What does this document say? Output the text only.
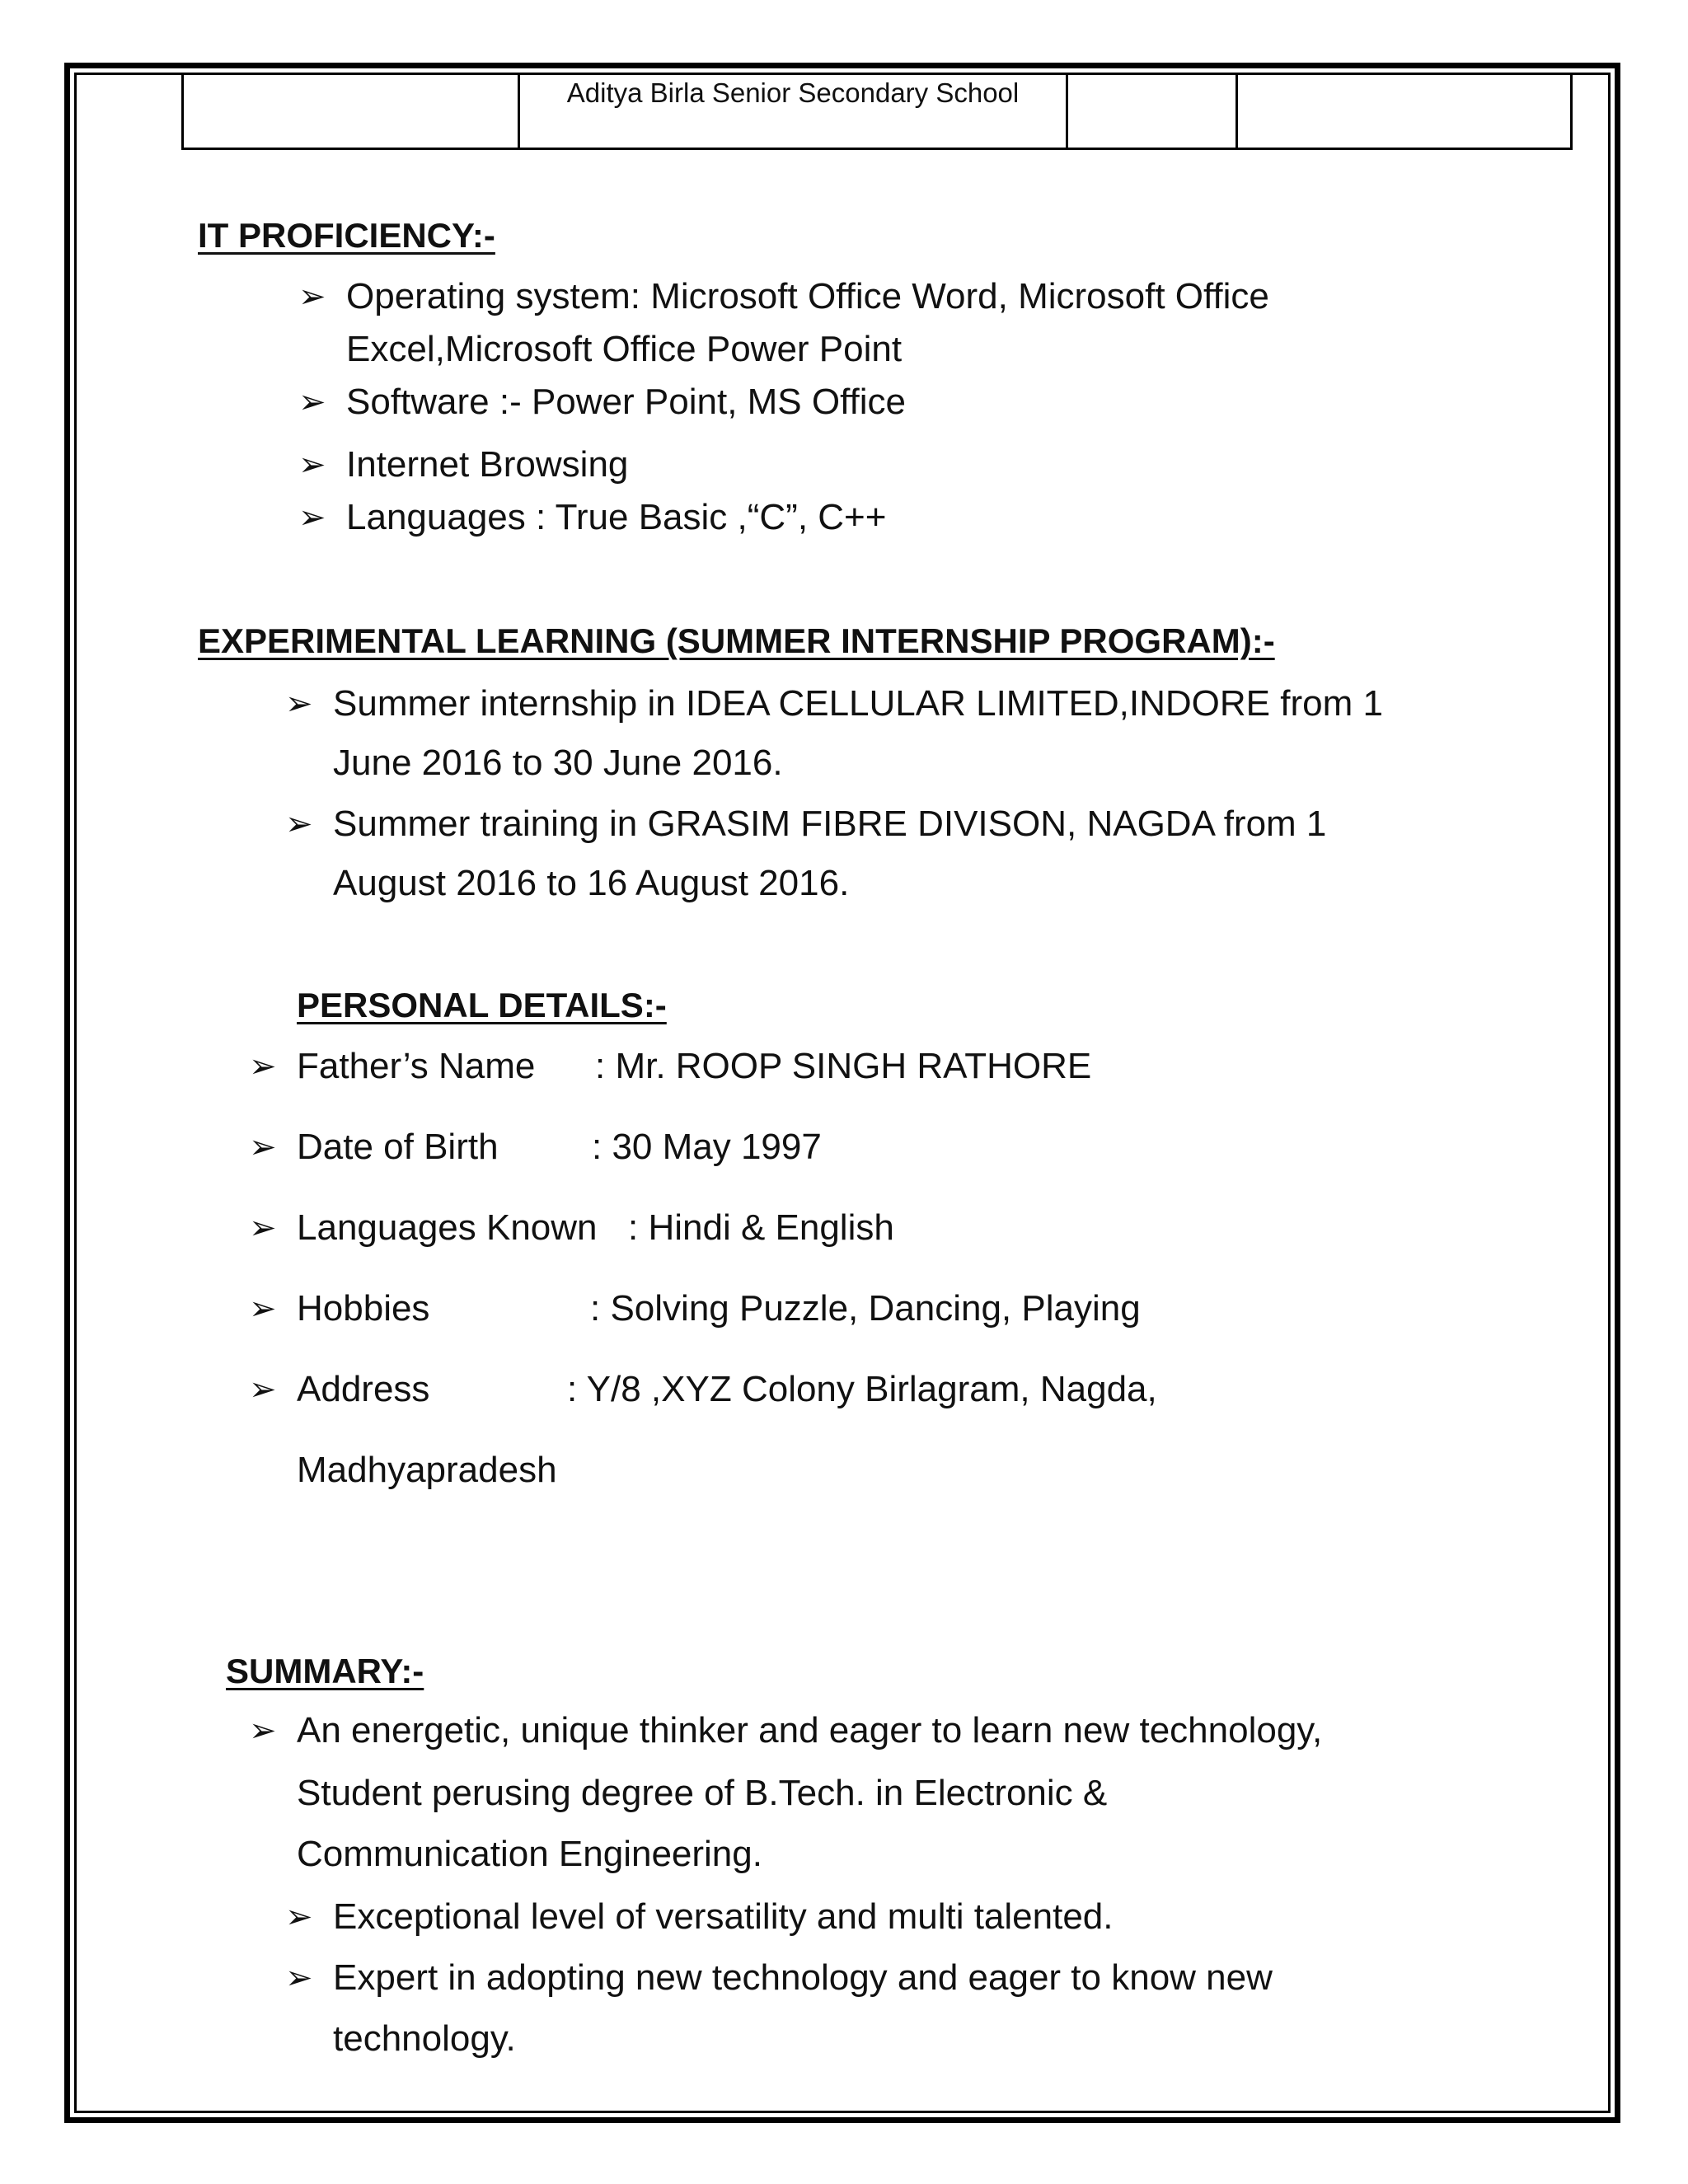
Aditya Birla Senior Secondary School

IT PROFICIENCY:-
➢ Operating system: Microsoft Office Word, Microsoft Office
Excel,Microsoft Office Power Point
➢ Software :- Power Point, MS Office
➢ Internet Browsing
➢ Languages : True Basic ,“C”, C++
EXPERIMENTAL LEARNING (SUMMER INTERNSHIP PROGRAM):-
➢ Summer internship in IDEA CELLULAR LIMITED,INDORE from 1
June 2016 to 30 June 2016.
➢ Summer training in GRASIM FIBRE DIVISON, NAGDA from 1
August 2016 to 16 August 2016.
PERSONAL DETAILS:-
➢ Father’s Name : Mr. ROOP SINGH RATHORE
➢ Date of Birth	: 30 May 1997
➢ Languages Known : Hindi & English
➢ Hobbies	: Solving Puzzle, Dancing, Playing
➢ Address	: Y/8 ,XYZ Colony Birlagram, Nagda,
Madhyapradesh
SUMMARY:-
➢ An energetic, unique thinker and eager to learn new technology,
Student perusing degree of B.Tech. in Electronic &
Communication Engineering.
➢ Exceptional level of versatility and multi talented.
➢ Expert in adopting new technology and eager to know new
technology.
